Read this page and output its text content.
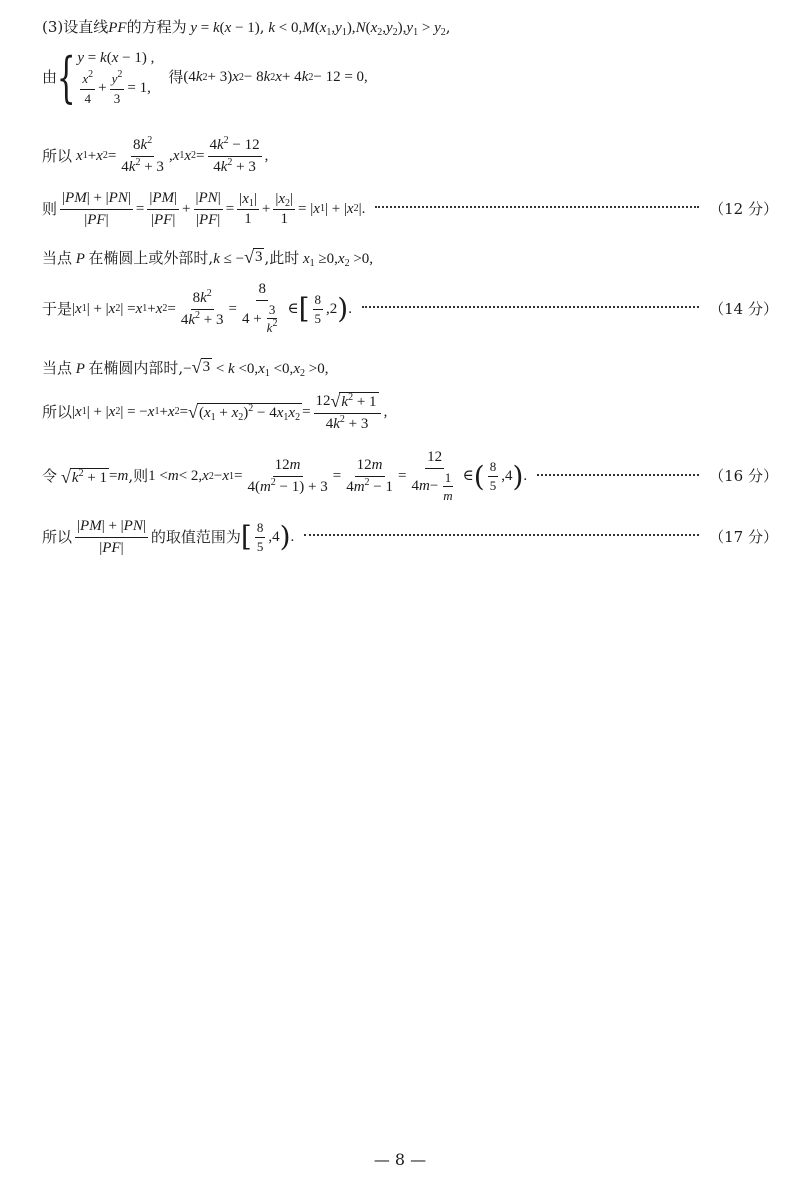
(3)设直线PF的方程为 y = k(x − 1), $k < 0,M(x_1,y_1),N(x_2,y_2),y_1 > y_2$,
由 { y = k(x − 1) ,
$\frac{x^2}{4} + \frac{y^2}{3} = 1$,
得 (4 k 2 + 3) x 2 − 8 k 2 x + 4 k 2 − 12 = 0,
所以 x 1 + x $2 = \frac{8k^2}{4k^2 + 3}$ , x 1 x $2 = \frac{4k^2 - 12}{4k^2 + 3}$ ,
则 $\frac{|PM| + |PN|}{|PF|} = \frac{|PM|}{|PF|} + \frac{|PN|}{|PF|} = \frac{|x_1|}{1} + \frac{|x_2|}{1}$ = | x 1 | + | x 2 |.	（12 分）
当点 P 在椭圆上或外部时,k ≤ − √ 3 ,此时 $x_1 \ge 0,x_2 >0$,
于是 | x 1 | + | x 2 | = x 1 + x $2 = \frac{8k^2}{4k^2 + 3} = \frac{8}{4 + \frac{3}{k^2}}$ ∈ [ $\frac{8}{5} ,2$ ) .	（14 分）
当点 P 在椭圆内部时,− √ $3 < k <0,x_1 <0,x_2 >0$,
所以 | x 1 | + | x 2 | = − x 1 + x 2 = √ $(x_1 + x_2)^2 - 4x_1x_2 = \frac{12 √ k^2 + 1}{4k^2 + 3}$ ,
令 √ $k^2 + 1 = m$ ,则 1 < m < 2, x 2 − x $1 = \frac{12m}{4(m^2 - 1) + 3} = \frac{12m}{4m^2 - 1} = \frac{12}{4 m - \frac{1}{m}}$ ∈ ( $\frac{8}{5} ,4$ ) .	（16 分）
所以 $\frac{|PM| + |PN|}{|PF|}$ 的取值范围为 [ $\frac{8}{5} ,4$ ) .	（17 分）
— 8 —
